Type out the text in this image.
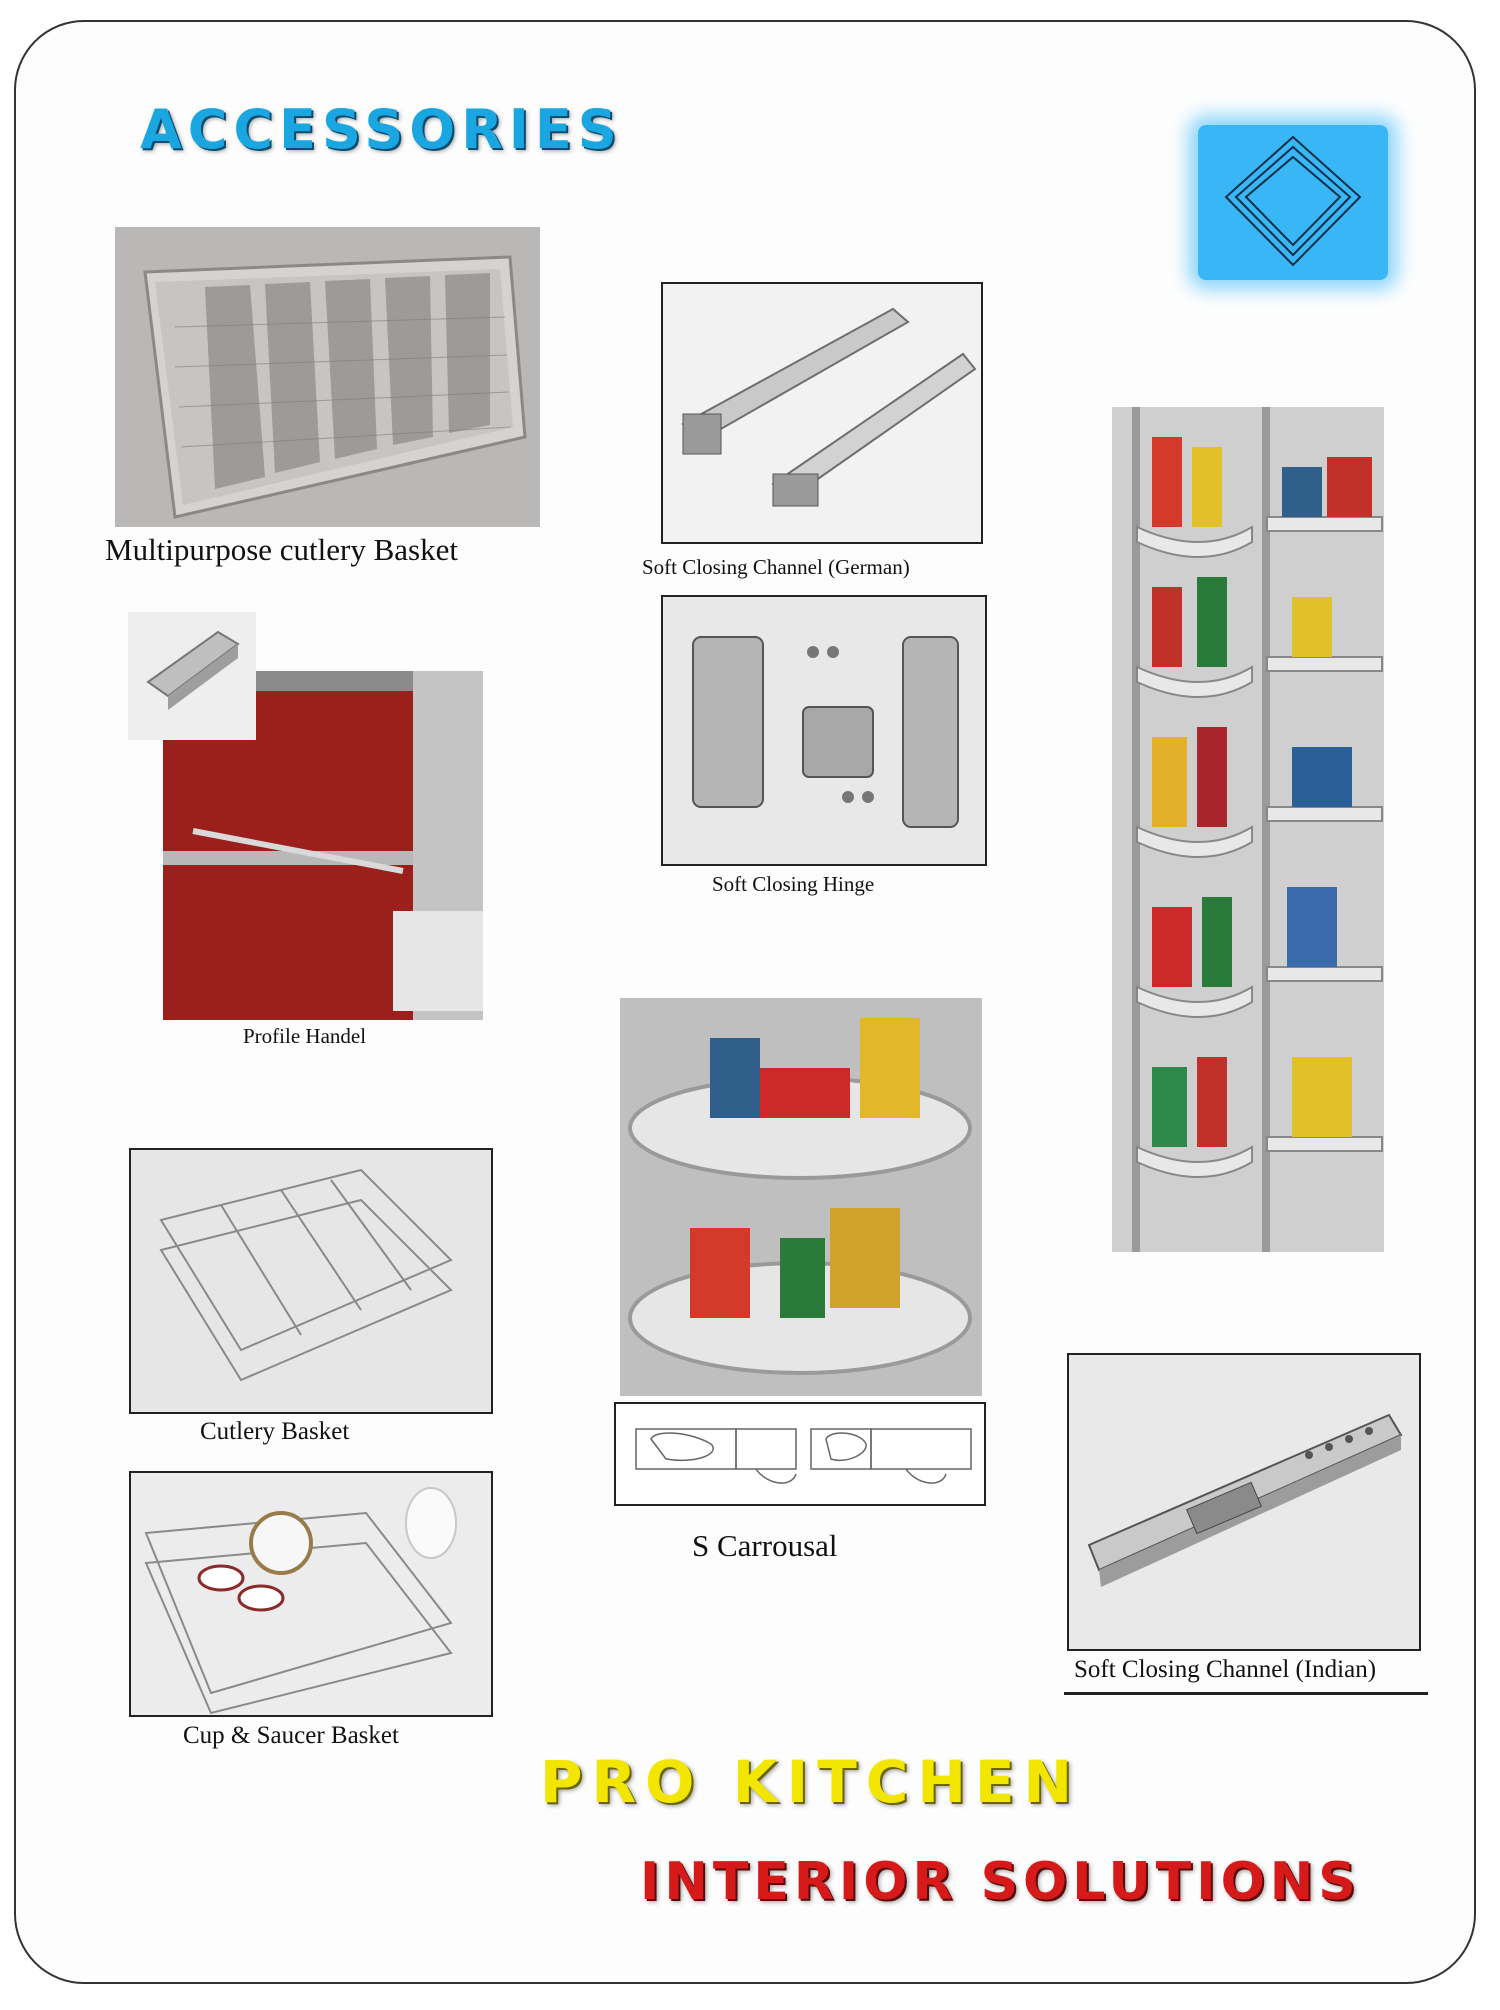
ACCESSORIES
Multipurpose cutlery Basket	Soft Closing Channel (German)
Soft Closing Hinge
Profile Handel
Cutlery Basket
Cup & Saucer Basket
S Carrousal
Soft Closing Channel (Indian)
PRO KITCHEN
INTERIOR SOLUTIONS
